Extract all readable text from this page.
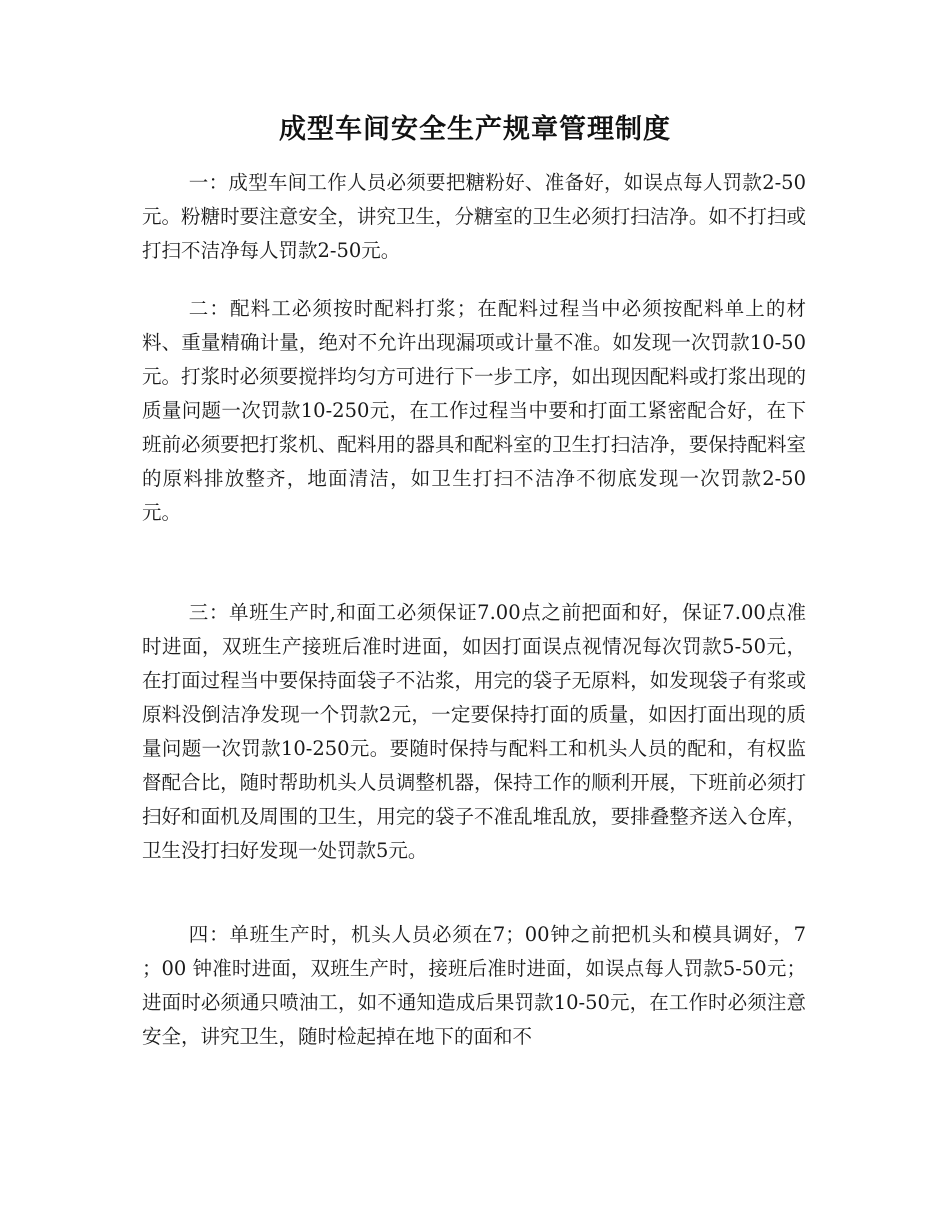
成型车间安全生产规章管理制度

一：成型车间工作人员必须要把糖粉好、准备好，如误点每人罚款2-50元。粉糖时要注意安全，讲究卫生，分糖室的卫生必须打扫洁净。如不打扫或打扫不洁净每人罚款2-50元。

二：配料工必须按时配料打浆；在配料过程当中必须按配料单上的材料、重量精确计量，绝对不允许出现漏项或计量不准。如发现一次罚款10-50元。打浆时必须要搅拌均匀方可进行下一步工序，如出现因配料或打浆出现的质量问题一次罚款10-250元，在工作过程当中要和打面工紧密配合好，在下班前必须要把打浆机、配料用的器具和配料室的卫生打扫洁净，要保持配料室的原料排放整齐，地面清洁，如卫生打扫不洁净不彻底发现一次罚款2-50元。

三：单班生产时,和面工必须保证7.00点之前把面和好，保证7.00点准时进面，双班生产接班后准时进面，如因打面误点视情况每次罚款5-50元，在打面过程当中要保持面袋子不沾浆，用完的袋子无原料，如发现袋子有浆或原料没倒洁净发现一个罚款2元，一定要保持打面的质量，如因打面出现的质量问题一次罚款10-250元。要随时保持与配料工和机头人员的配和，有权监督配合比，随时帮助机头人员调整机器，保持工作的顺利开展，下班前必须打扫好和面机及周围的卫生，用完的袋子不准乱堆乱放，要排叠整齐送入仓库，卫生没打扫好发现一处罚款5元。

四：单班生产时，机头人员必须在7；00钟之前把机头和模具调好，7 ；00 钟准时进面，双班生产时，接班后准时进面，如误点每人罚款5-50元；进面时必须通只喷油工，如不通知造成后果罚款10-50元，在工作时必须注意安全，讲究卫生，随时检起掉在地下的面和不
